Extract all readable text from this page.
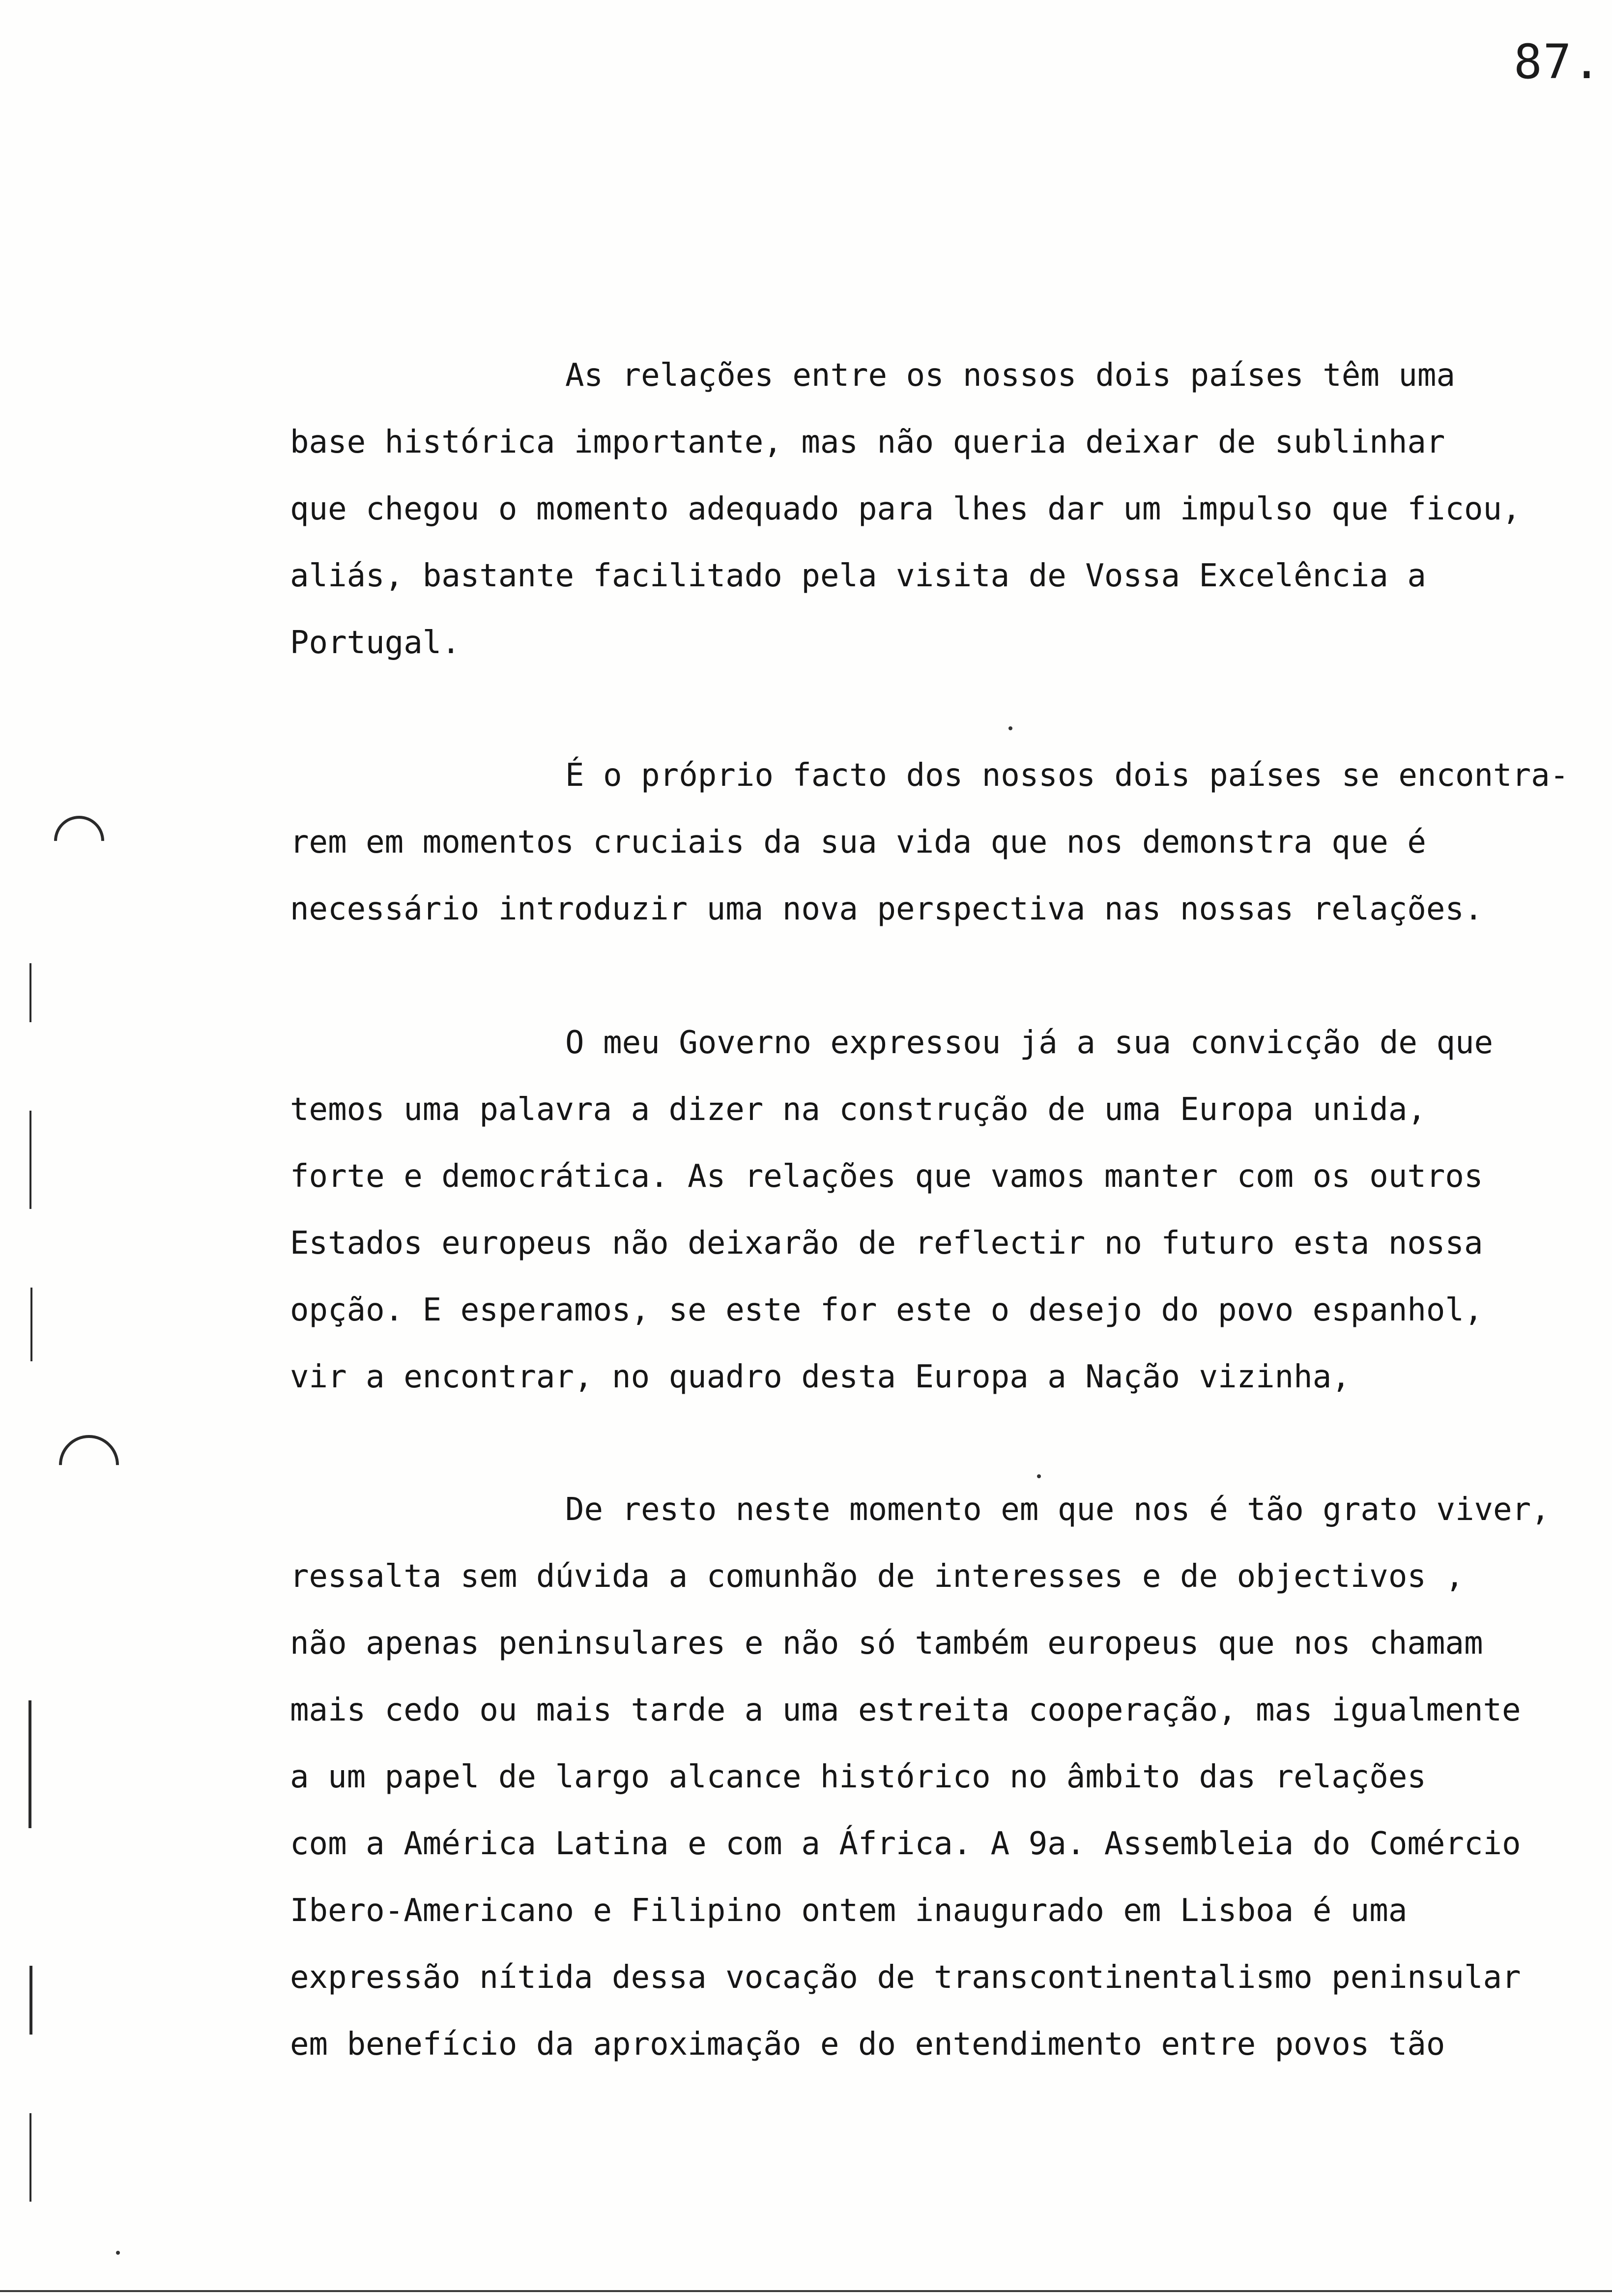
87.
As relações entre os nossos dois países têm uma
base histórica importante, mas não queria deixar de sublinhar
que chegou o momento adequado para lhes dar um impulso que ficou,
aliás, bastante facilitado pela visita de Vossa Excelência a
Portugal.
É o próprio facto dos nossos dois países se encontra-
rem em momentos cruciais da sua vida que nos demonstra que é
necessário introduzir uma nova perspectiva nas nossas relações.
O meu Governo expressou já a sua convicção de que
temos uma palavra a dizer na construção de uma Europa unida,
forte e democrática. As relações que vamos manter com os outros
Estados europeus não deixarão de reflectir no futuro esta nossa
opção. E esperamos, se este for este o desejo do povo espanhol,
vir a encontrar, no quadro desta Europa a Nação vizinha,
De resto neste momento em que nos é tão grato viver,
ressalta sem dúvida a comunhão de interesses e de objectivos ,
não apenas peninsulares e não só também europeus que nos chamam
mais cedo ou mais tarde a uma estreita cooperação, mas igualmente
a um papel de largo alcance histórico no âmbito das relações
com a América Latina e com a África. A 9a. Assembleia do Comércio
Ibero-Americano e Filipino ontem inaugurado em Lisboa é uma
expressão nítida dessa vocação de transcontinentalismo peninsular
em benefício da aproximação e do entendimento entre povos tão
